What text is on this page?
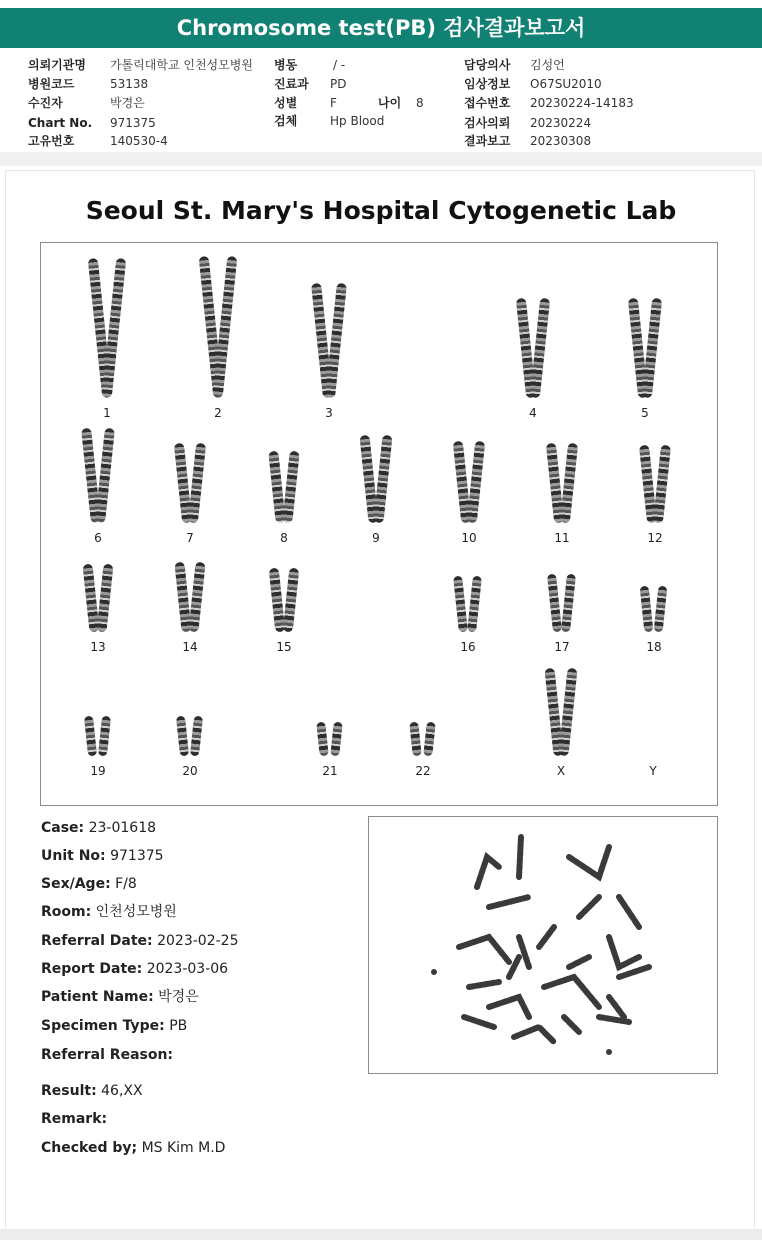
Chromosome test(PB) 검사결과보고서
의뢰기관명 가톨릭대학교 인천성모병원
병원코드	53138
수진자	박경은
Chart No. 971375
고유번호	140530-4
병동	/ -
진료과 PD
성별	F	나이 8
검체	Hp Blood
담당의사 김성언
임상정보 O67SU2010
접수번호 20230224-14183
검사의뢰 20230224
결과보고 20230308
Seoul St. Mary's Hospital Cytogenetic Lab
1	2	3	4	5
6	7	8	9	10	11	12
13	14	15	16	17	18
19	20	21	22	X	Y
Case: 23-01618
Unit No: 971375
Sex/Age: F/8
Room: 인천성모병원
Referral Date: 2023-02-25
Report Date: 2023-03-06
Patient Name: 박경은
Specimen Type: PB
Referral Reason:
Result: 46,XX
Remark:
Checked by; MS Kim M.D
